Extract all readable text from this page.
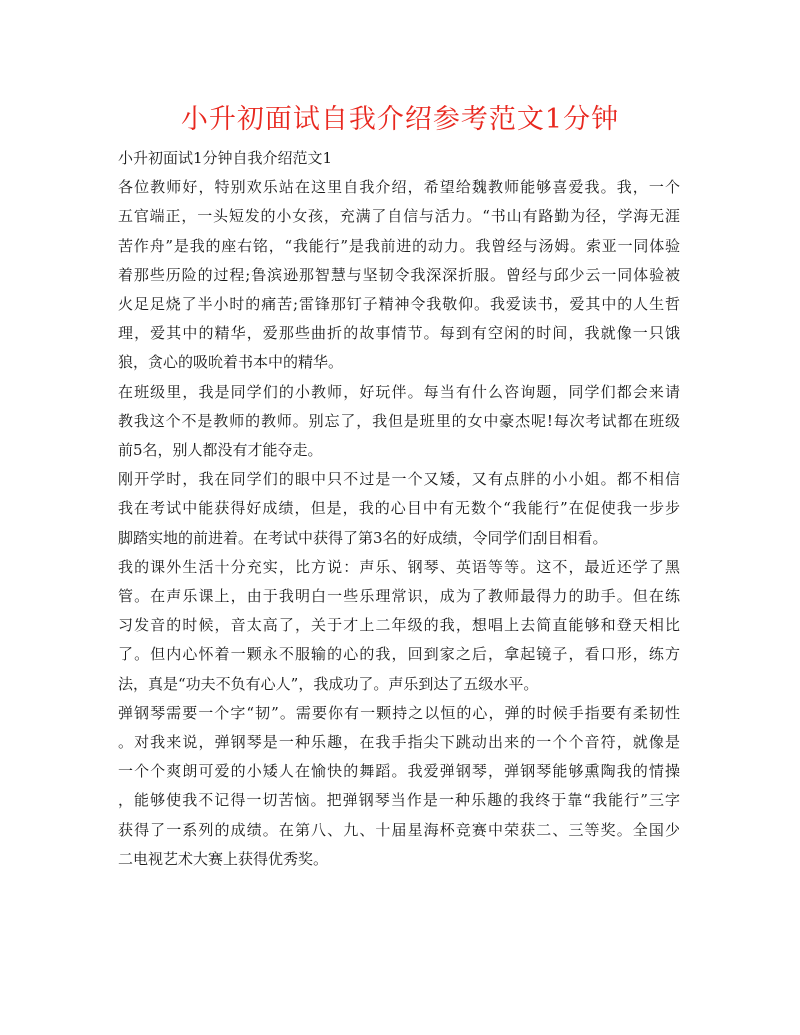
小升初面试自我介绍参考范文1分钟
小升初面试1分钟自我介绍范文1
各位教师好，特别欢乐站在这里自我介绍，希望给魏教师能够喜爱我。我，一个
五官端正，一头短发的小女孩，充满了自信与活力。“书山有路勤为径，学海无涯
苦作舟”是我的座右铭，“我能行”是我前进的动力。我曾经与汤姆。索亚一同体验
着那些历险的过程;鲁滨逊那智慧与坚韧令我深深折服。曾经与邱少云一同体验被
火足足烧了半小时的痛苦;雷锋那钉子精神令我敬仰。我爱读书，爱其中的人生哲
理，爱其中的精华，爱那些曲折的故事情节。每到有空闲的时间，我就像一只饿
狼，贪心的吸吮着书本中的精华。
在班级里，我是同学们的小教师，好玩伴。每当有什么咨询题，同学们都会来请
教我这个不是教师的教师。别忘了，我但是班里的女中豪杰呢!每次考试都在班级
前5名，别人都没有才能夺走。
刚开学时，我在同学们的眼中只不过是一个又矮，又有点胖的小小姐。都不相信
我在考试中能获得好成绩，但是，我的心目中有无数个“我能行”在促使我一步步
脚踏实地的前进着。在考试中获得了第3名的好成绩，令同学们刮目相看。
我的课外生活十分充实，比方说：声乐、钢琴、英语等等。这不，最近还学了黑
管。在声乐课上，由于我明白一些乐理常识，成为了教师最得力的助手。但在练
习发音的时候，音太高了，关于才上二年级的我，想唱上去简直能够和登天相比
了。但内心怀着一颗永不服输的心的我，回到家之后，拿起镜子，看口形，练方
法，真是“功夫不负有心人”，我成功了。声乐到达了五级水平。
弹钢琴需要一个字“韧”。需要你有一颗持之以恒的心，弹的时候手指要有柔韧性
。对我来说，弹钢琴是一种乐趣，在我手指尖下跳动出来的一个个音符，就像是
一个个爽朗可爱的小矮人在愉快的舞蹈。我爱弹钢琴，弹钢琴能够熏陶我的情操
，能够使我不记得一切苦恼。把弹钢琴当作是一种乐趣的我终于靠“我能行”三字
获得了一系列的成绩。在第八、九、十届星海杯竞赛中荣获二、三等奖。全国少
二电视艺术大赛上获得优秀奖。
